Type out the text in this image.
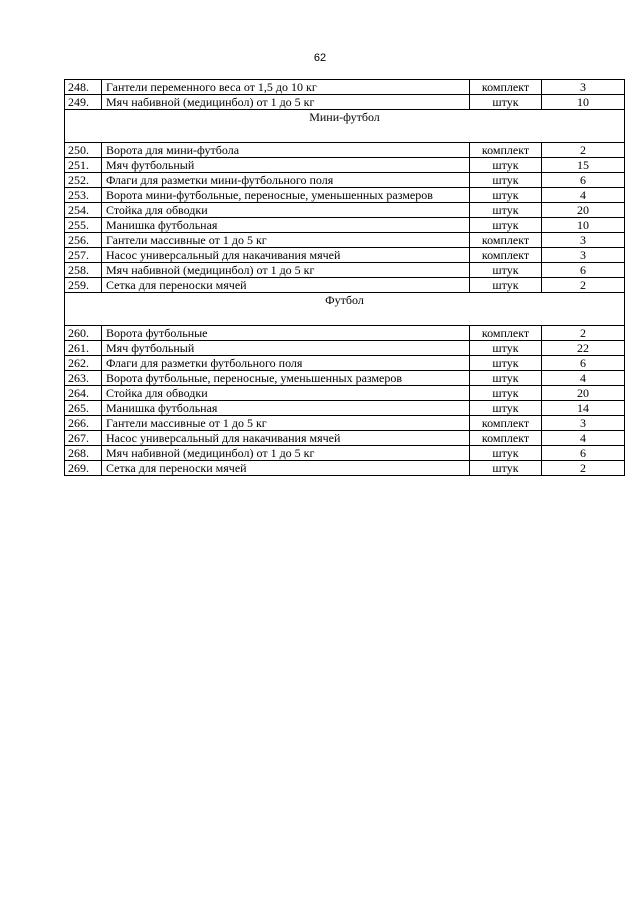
62
248.	Гантели переменного веса от 1,5 до 10 кг	комплект	3
249.	Мяч набивной (медицинбол) от 1 до 5 кг	штук	10
Мини-футбол			
250.	Ворота для мини-футбола	комплект	2
251.	Мяч футбольный	штук	15
252.	Флаги для разметки мини-футбольного поля	штук	6
253.	Ворота мини-футбольные, переносные, уменьшенных размеров	штук	4
254.	Стойка для обводки	штук	20
255.	Манишка футбольная	штук	10
256.	Гантели массивные от 1 до 5 кг	комплект	3
257.	Насос универсальный для накачивания мячей	комплект	3
258.	Мяч набивной (медицинбол) от 1 до 5 кг	штук	6
259.	Сетка для переноски мячей	штук	2
Футбол			
260.	Ворота футбольные	комплект	2
261.	Мяч футбольный	штук	22
262.	Флаги для разметки футбольного поля	штук	6
263.	Ворота футбольные, переносные, уменьшенных размеров	штук	4
264.	Стойка для обводки	штук	20
265.	Манишка футбольная	штук	14
266.	Гантели массивные от 1 до 5 кг	комплект	3
267.	Насос универсальный для накачивания мячей	комплект	4
268.	Мяч набивной (медицинбол) от 1 до 5 кг	штук	6
269.	Сетка для переноски мячей	штук	2
